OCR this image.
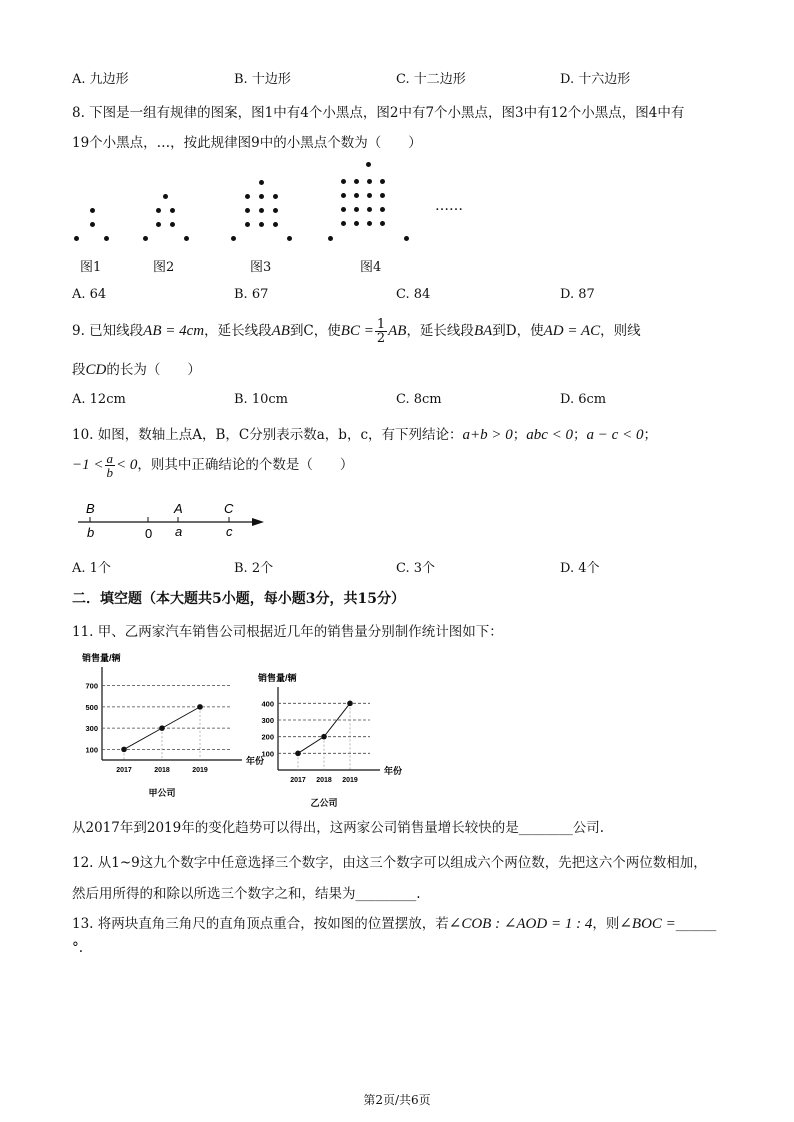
A. 九边形	B. 十边形	C. 十二边形	D. 十六边形
8. 下图是一组有规律的图案，图1中有4个小黑点，图2中有7个小黑点，图3中有12个小黑点，图4中有
19个小黑点，…，按此规律图9中的小黑点个数为（　　）
……
图1	图2	图3	图4
A. 64	B. 67	C. 84	D. 87
9. 已知线段AB = 4cm，延长线段AB到C，使BC = $\frac{1}{2}$ AB，延长线段BA到D，使AD = AC，则线
段CD的长为（　　）
A. 12cm	B. 10cm	C. 8cm	D. 6cm
10. 如图，数轴上点A，B，C分别表示数a，b，c，有下列结论：a+b > 0；abc < 0；a − c < 0；
$-1 < \frac{a}{b} < 0$，则其中正确结论的个数是（　　）
B
b	0
A
a
C
c
A. 1个	B. 2个	C. 3个	D. 4个
二．填空题（本大题共5小题，每小题3分，共15分）
11. 甲、乙两家汽车销售公司根据近几年的销售量分别制作统计图如下：
销售量/辆
年份
100
300
500
700
2017	2018	2019
甲公司
销售量/辆
年份
100
200
300
400
2017 2018 2019
乙公司
从2017年到2019年的变化趋势可以得出，这两家公司销售量增长较快的是________公司.
12. 从1~9这九个数字中任意选择三个数字，由这三个数字可以组成六个两位数，先把这六个两位数相加，
然后用所得的和除以所选三个数字之和，结果为_________.
13. 将两块直角三角尺的直角顶点重合，按如图的位置摆放，若∠COB : ∠AOD = 1 : 4，则∠BOC =______
°.
第2页/共6页
